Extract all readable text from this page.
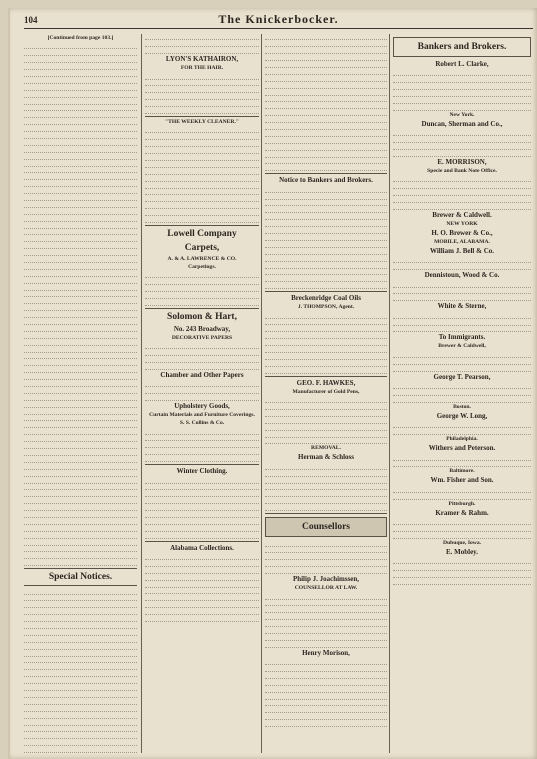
104	The Knickerbocker.
[Continued from page 103.]
Special Notices.
LYON'S KATHAIRON,
FOR THE HAIR.
"THE WEEKLY CLEANER."
Lowell Company
Carpets,
A. & A. LAWRENCE & CO.
Carpetings.
Solomon & Hart,
No. 243 Broadway,
DECORATIVE PAPERS
Chamber and Other Papers
Upholstery Goods,
Curtain Materials and Furniture Coverings.
S. S. Collins & Co.
Winter Clothing.
Alabama Collections.
Notice to Bankers and Brokers.
Breckenridge Coal Oils
J. THOMPSON, Agent.
GEO. F. HAWKES,
Manufacturer of Gold Pens,
REMOVAL.
Herman & Schloss
Counsellors
Philip J. Joachimssen,
COUNSELLOR AT LAW.
Henry Morison,
Bankers and Brokers.
Robert L. Clarke,
New York.
Duncan, Sherman and Co.,
E. MORRISON,
Specie and Bank Note Office.
Brewer & Caldwell.
NEW YORK
H. O. Brewer & Co.,
MOBILE, ALABAMA.
William J. Bell & Co.
Dennistoun, Wood & Co.
White & Sterne,
To Immigrants.
Brewer & Caldwell,
George T. Pearson,
Boston.
George W. Long,
Philadelphia.
Withers and Peterson.
Baltimore.
Wm. Fisher and Son.
Pittsburgh.
Kramer & Rahm.
Dubuque, Iowa.
E. Mobley.
